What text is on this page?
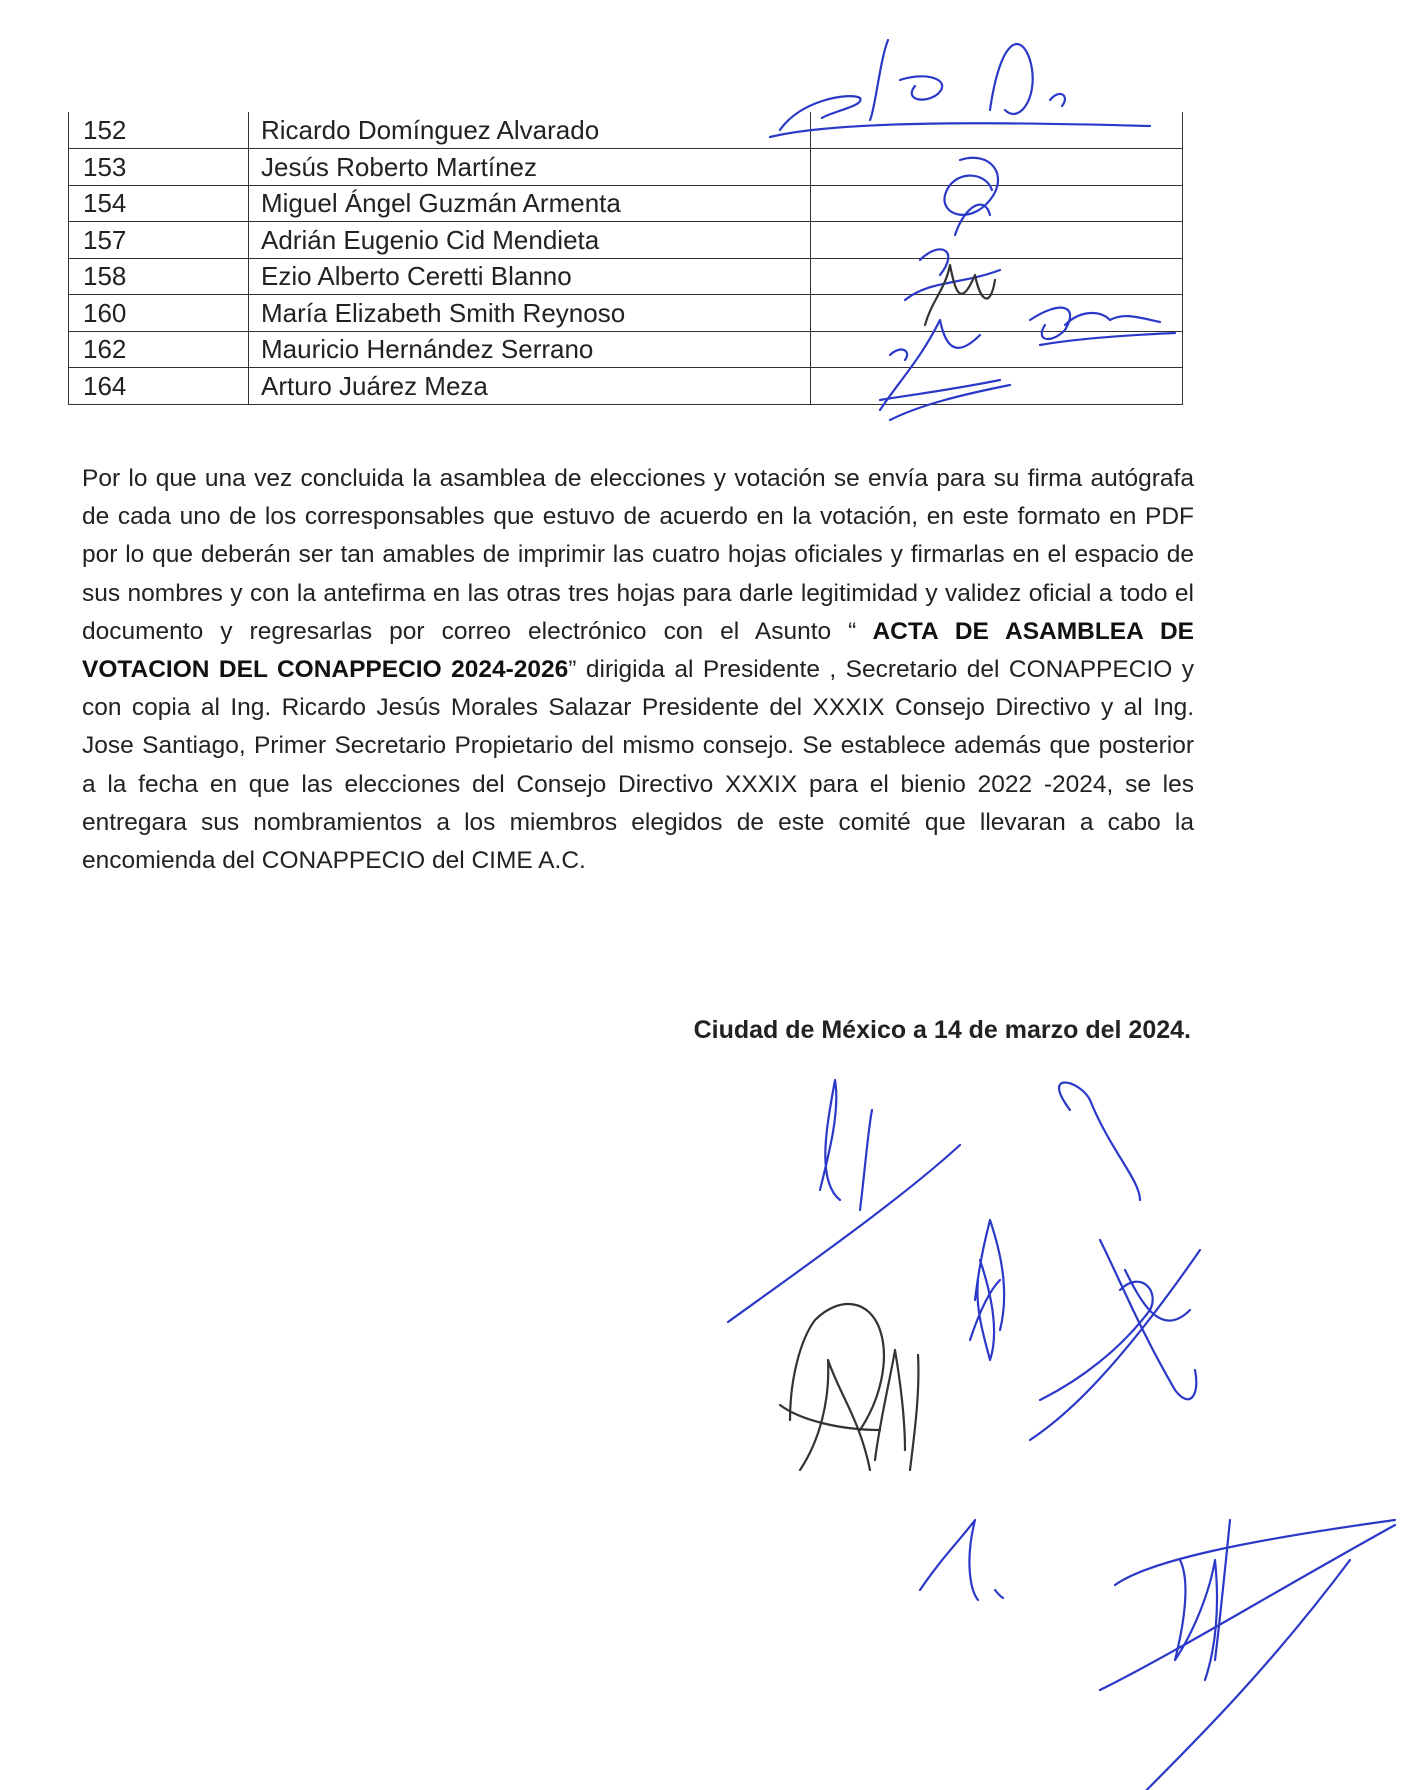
152	Ricardo Domínguez Alvarado	
153	Jesús Roberto Martínez	
154	Miguel Ángel Guzmán Armenta	
157	Adrián Eugenio Cid Mendieta	
158	Ezio Alberto Ceretti Blanno	
160	María Elizabeth Smith Reynoso	
162	Mauricio Hernández Serrano	
164	Arturo Juárez Meza	

Por lo que una vez concluida la asamblea de elecciones y votación se envía para su firma autógrafa de cada uno de los corresponsables que estuvo de acuerdo en la votación, en este formato en PDF por lo que deberán ser tan amables de imprimir las cuatro hojas oficiales y firmarlas en el espacio de sus nombres y con la antefirma en las otras tres hojas para darle legitimidad y validez oficial a todo el documento y regresarlas por correo electrónico con el Asunto “ ACTA DE ASAMBLEA DE VOTACION DEL CONAPPECIO 2024-2026” dirigida al Presidente , Secretario del CONAPPECIO y con copia al Ing. Ricardo Jesús Morales Salazar Presidente del XXXIX Consejo Directivo y al Ing. Jose Santiago, Primer Secretario Propietario del mismo consejo. Se establece además que posterior a la fecha en que las elecciones del Consejo Directivo XXXIX para el bienio 2022 -2024, se les entregara sus nombramientos a los miembros elegidos de este comité que llevaran a cabo la encomienda del CONAPPECIO del CIME A.C.

Ciudad de México a 14 de marzo del 2024.
